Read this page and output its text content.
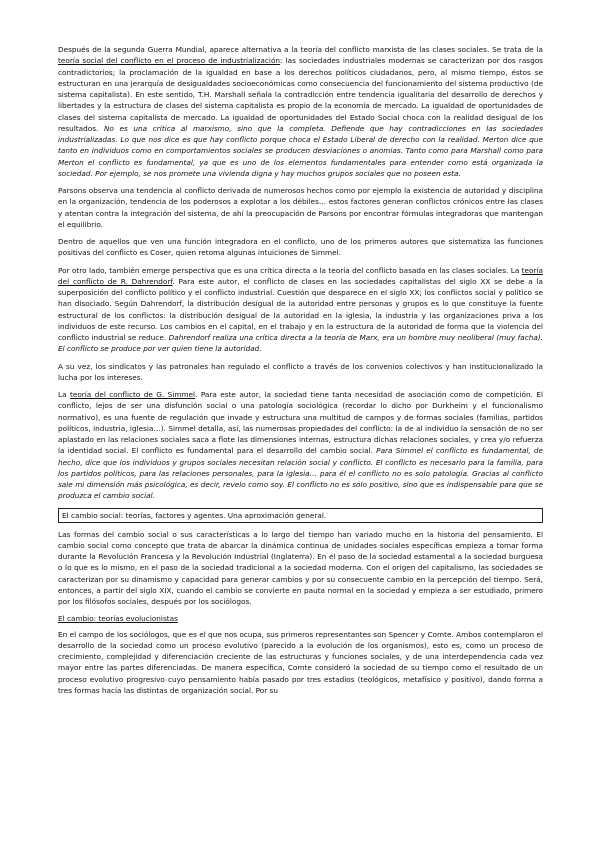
Después de la segunda Guerra Mundial, aparece alternativa a la teoría del conflicto marxista de las clases sociales. Se trata de la teoría social del conflicto en el proceso de industrialización: las sociedades industriales modernas se caracterizan por dos rasgos contradictorios; la proclamación de la igualdad en base a los derechos políticos ciudadanos, pero, al mismo tiempo, éstos se estructuran en una jerarquía de desigualdades socioeconómicas como consecuencia del funcionamiento del sistema productivo (de sistema capitalista). En este sentido, T.H. Marshall señala la contradicción entre tendencia igualitaria del desarrollo de derechos y libertades y la estructura de clases del sistema capitalista es propio de la economía de mercado. La igualdad de oportunidades de clases del sistema capitalista de mercado. La igualdad de oportunidades del Estado Social choca con la realidad desigual de los resultados. No es una crítica al marxismo, sino que la completa. Defiende que hay contradicciones en las sociedades industrializadas. Lo que nos dice es que hay conflicto porque choca el Estado Liberal de derecho con la realidad. Merton dice que tanto en individuos como en comportamientos sociales se producen desviaciones o anomias. Tanto como para Marshall como para Merton el conflicto es fundamental, ya que es uno de los elementos fundamentales para entender como está organizada la sociedad. Por ejemplo, se nos promete una vivienda digna y hay muchos grupos sociales que no poseen esta.

Parsons observa una tendencia al conflicto derivada de numerosos hechos como por ejemplo la existencia de autoridad y disciplina en la organización, tendencia de los poderosos a explotar a los débiles… estos factores generan conflictos crónicos entre las clases y atentan contra la integración del sistema, de ahí la preocupación de Parsons por encontrar fórmulas integradoras que mantengan el equilibrio.

Dentro de aquellos que ven una función integradora en el conflicto, uno de los primeros autores que sistematiza las funciones positivas del conflicto es Coser, quien retoma algunas intuiciones de Simmel.

Por otro lado, también emerge perspectiva que es una crítica directa a la teoría del conflicto basada en las clases sociales. La teoría del conflicto de R. Dahrendorf. Para este autor, el conflicto de clases en las sociedades capitalistas del siglo XX se debe a la superposición del conflicto político y el conflicto industrial. Cuestión que desparece en el siglo XX; los conflictos social y político se han disociado. Según Dahrendorf, la distribución desigual de la autoridad entre personas y grupos es lo que constituye la fuente estructural de los conflictos: la distribución desigual de la autoridad en la iglesia, la industria y las organizaciones priva a los individuos de este recurso. Los cambios en el capital, en el trabajo y en la estructura de la autoridad de forma que la violencia del conflicto industrial se reduce. Dahrendorf realiza una crítica directa a la teoría de Marx, era un hombre muy neoliberal (muy facha). El conflicto se produce por ver quien tiene la autoridad.

A su vez, los sindicatos y las patronales han regulado el conflicto a través de los convenios colectivos y han institucionalizado la lucha por los intereses.

La teoría del conflicto de G. Simmel. Para este autor, la sociedad tiene tanta necesidad de asociación como de competición. El conflicto, lejos de ser una disfunción social o una patología sociológica (recordar lo dicho por Durkheim y el funcionalismo normativo), es una fuente de regulación que invade y estructura una multitud de campos y de formas sociales (familias, partidos políticos, industria, iglesia…). Simmel detalla, así, las numerosas propiedades del conflicto: la de al individuo la sensación de no ser aplastado en las relaciones sociales saca a flote las dimensiones internas, estructura dichas relaciones sociales, y crea y/o refuerza la identidad social. El conflicto es fundamental para el desarrollo del cambio social. Para Simmel el conflicto es fundamental, de hecho, dice que los individuos y grupos sociales necesitan relación social y conflicto. El conflicto es necesario para la familia, para los partidos políticos, para las relaciones personales, para la iglesia… para él el conflicto no es solo patología. Gracias al conflicto sale mi dimensión más psicológica, es decir, revelo como soy. El conflicto no es solo positivo, sino que es indispensable para que se produzca el cambio social.

El cambio social: teorías, factores y agentes. Una aproximación general.

Las formas del cambio social o sus características a lo largo del tiempo han variado mucho en la historia del pensamiento. El cambio social como concepto que trata de abarcar la dinámica continua de unidades sociales específicas empieza a tomar forma durante la Revolución Francesa y la Revolución Industrial (Inglaterra). En el paso de la sociedad estamental a la sociedad burguesa o lo que es lo mismo, en el paso de la sociedad tradicional a la sociedad moderna. Con el origen del capitalismo, las sociedades se caracterizan por su dinamismo y capacidad para generar cambios y por su consecuente cambio en la percepción del tiempo. Será, entonces, a partir del siglo XIX, cuando el cambio se convierte en pauta normal en la sociedad y empieza a ser estudiado, primero por los filósofos sociales, después por los sociólogos.

El cambio: teorías evolucionistas

En el campo de los sociólogos, que es el que nos ocupa, sus primeros representantes son Spencer y Comte. Ambos contemplaron el desarrollo de la sociedad como un proceso evolutivo (parecido a la evolución de los organismos), esto es, como un proceso de crecimiento, complejidad y diferenciación creciente de las estructuras y funciones sociales, y de una interdependencia cada vez mayor entre las partes diferenciadas. De manera específica, Comte consideró la sociedad de su tiempo como el resultado de un proceso evolutivo progresivo cuyo pensamiento había pasado por tres estadios (teológicos, metafísico y positivo), dando forma a tres formas hacia las distintas de organización social. Por su
